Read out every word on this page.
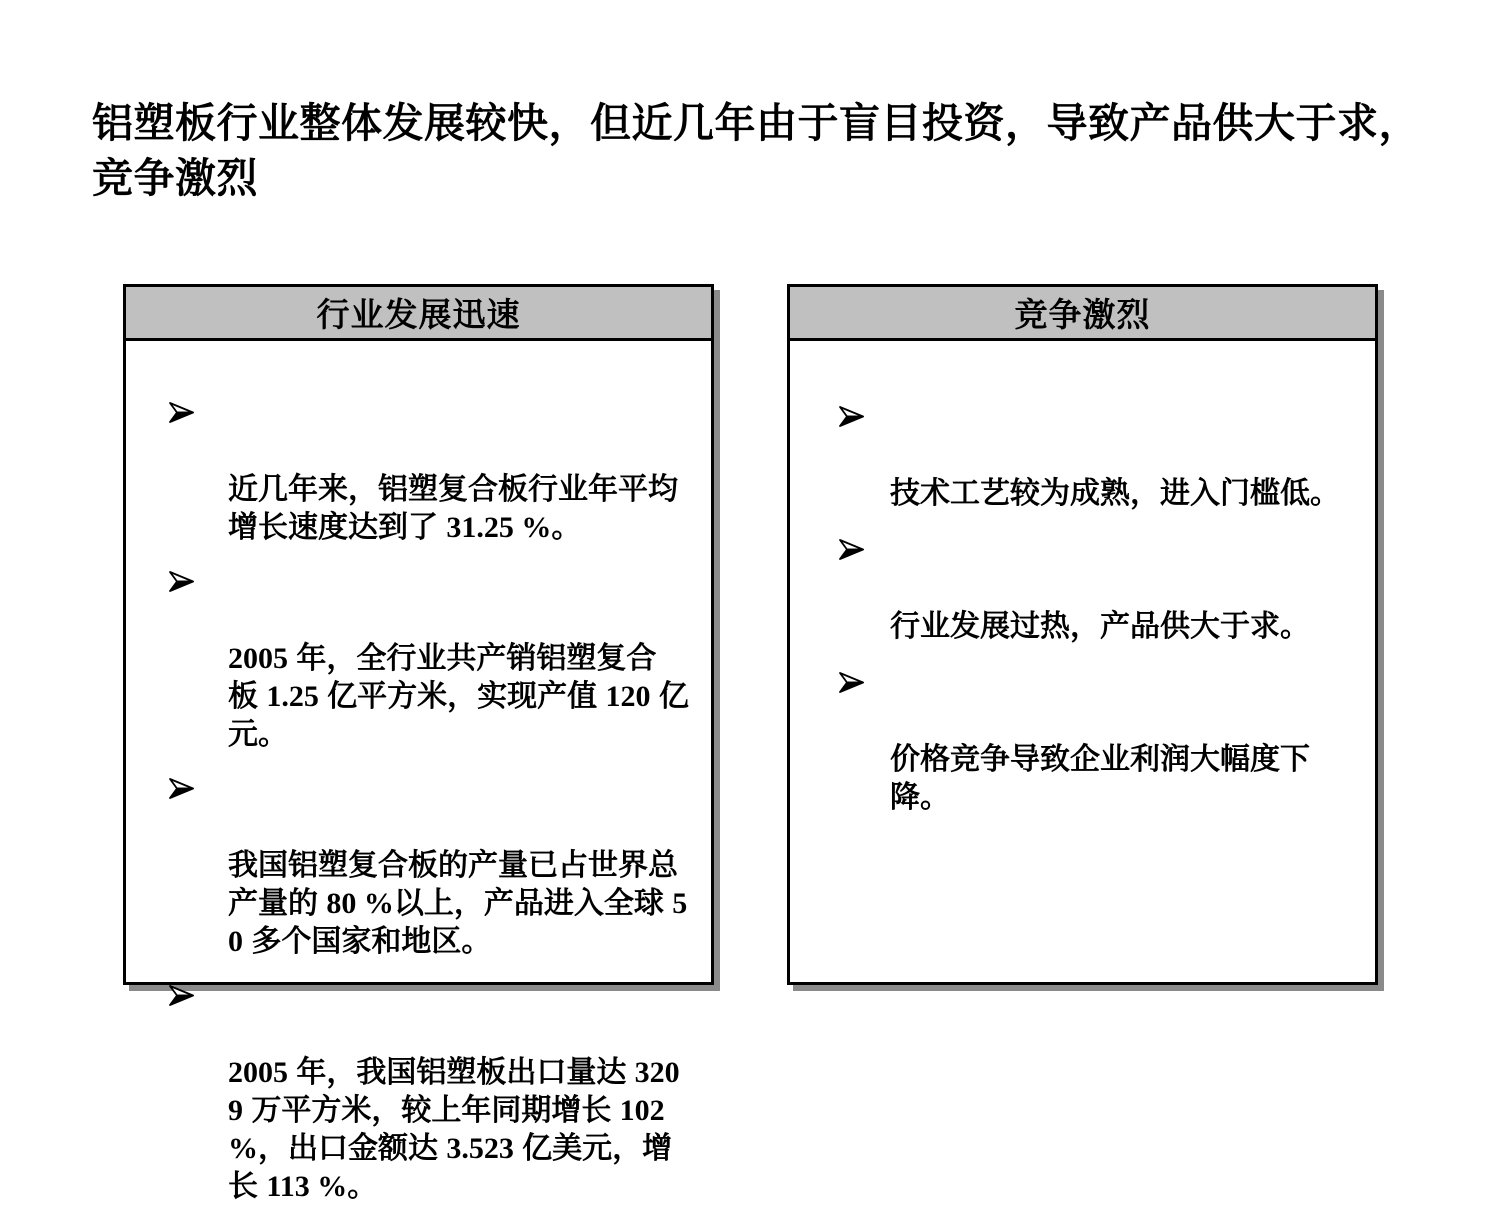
铝塑板行业整体发展较快，但近几年由于盲目投资，导致产品供大于求，
竞争激烈
行业发展迅速

近几年来，铝塑复合板行业年平均
增长速度达到了 31.25 %。

2005 年，全行业共产销铝塑复合
板 1.25 亿平方米，实现产值 120 亿
元。

我国铝塑复合板的产量已占世界总
产量的 80 %以上，产品进入全球 5
0 多个国家和地区。

2005 年，我国铝塑板出口量达 320
9 万平方米，较上年同期增长 102
%，出口金额达 3.523 亿美元，增
长 113 %。

竞争激烈

技术工艺较为成熟，进入门槛低。

行业发展过热，产品供大于求。

价格竞争导致企业利润大幅度下降。
